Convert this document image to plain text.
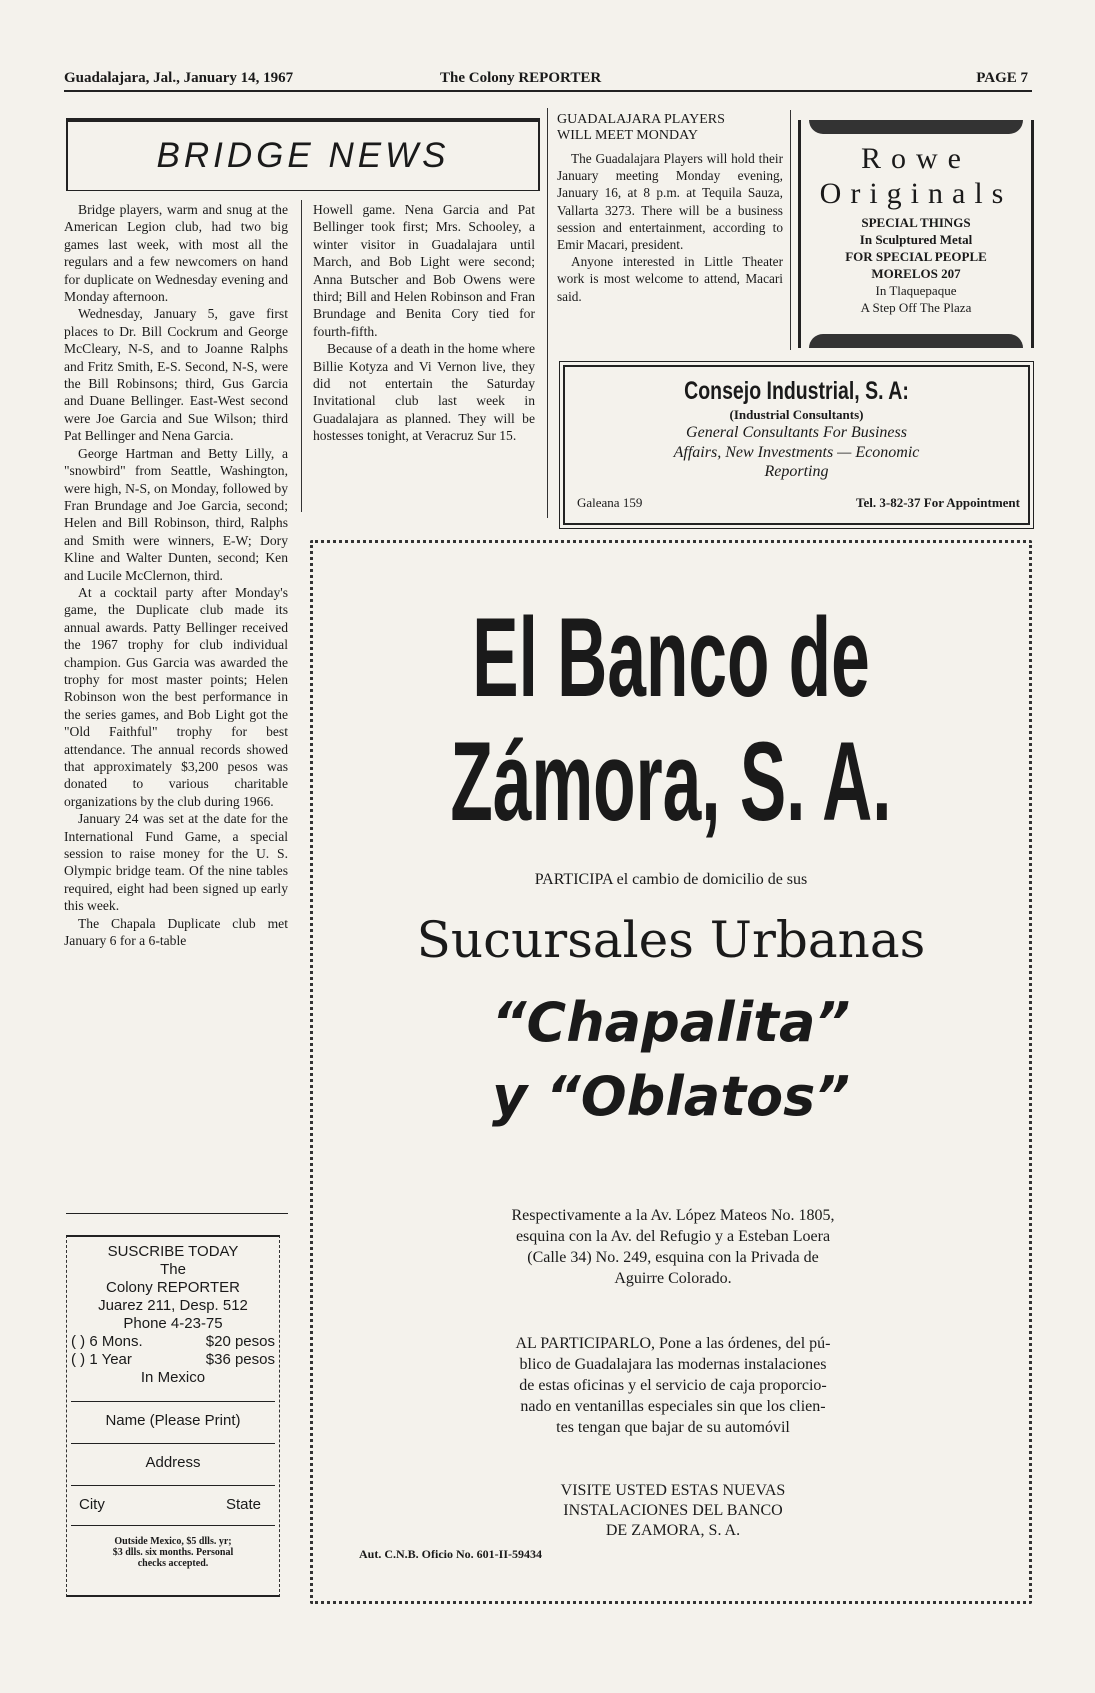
Guadalajara, Jal., January 14, 1967	The Colony REPORTER	PAGE 7
BRIDGE NEWS

Bridge players, warm and snug at the American Legion club, had two big games last week, with most all the regulars and a few newcomers on hand for duplicate on Wednesday evening and Monday afternoon.

Wednesday, January 5, gave first places to Dr. Bill Cockrum and George McCleary, N-S, and to Joanne Ralphs and Fritz Smith, E-S. Second, N-S, were the Bill Robinsons; third, Gus Garcia and Duane Bellinger. East-West second were Joe Garcia and Sue Wilson; third Pat Bellinger and Nena Garcia.

George Hartman and Betty Lilly, a "snowbird" from Seattle, Washington, were high, N-S, on Monday, followed by Fran Brundage and Joe Garcia, second; Helen and Bill Robinson, third, Ralphs and Smith were winners, E-W; Dory Kline and Walter Dunten, second; Ken and Lucile McClernon, third.

At a cocktail party after Monday's game, the Duplicate club made its annual awards. Patty Bellinger received the 1967 trophy for club individual champion. Gus Garcia was awarded the trophy for most master points; Helen Robinson won the best performance in the series games, and Bob Light got the "Old Faithful" trophy for best attendance. The annual records showed that approximately $3,200 pesos was donated to various charitable organizations by the club during 1966.

January 24 was set at the date for the International Fund Game, a special session to raise money for the U. S. Olympic bridge team. Of the nine tables required, eight had been signed up early this week.

The Chapala Duplicate club met January 6 for a 6-table

Howell game. Nena Garcia and Pat Bellinger took first; Mrs. Schooley, a winter visitor in Guadalajara until March, and Bob Light were second; Anna Butscher and Bob Owens were third; Bill and Helen Robinson and Fran Brundage and Benita Cory tied for fourth-fifth.

Because of a death in the home where Billie Kotyza and Vi Vernon live, they did not entertain the Saturday Invitational club last week in Guadalajara as planned. They will be hostesses tonight, at Veracruz Sur 15.

GUADALAJARA PLAYERS
WILL MEET MONDAY

The Guadalajara Players will hold their January meeting Monday evening, January 16, at 8 p.m. at Tequila Sauza, Vallarta 3273. There will be a business session and entertainment, according to Emir Macari, president.

Anyone interested in Little Theater work is most welcome to attend, Macari said.

Rowe
Originals
SPECIAL THINGS
In Sculptured Metal
FOR SPECIAL PEOPLE
MORELOS 207
In Tlaquepaque
A Step Off The Plaza
Consejo Industrial, S. A:
(Industrial Consultants)
General Consultants For Business
Affairs, New Investments — Economic
Reporting
Galeana 159	Tel. 3-82-37 For Appointment
El Banco de
Zámora, S. A.
PARTICIPA el cambio de domicilio de sus
Sucursales Urbanas
“Chapalita”
y “Oblatos”
Respectivamente a la Av. López Mateos No. 1805,
esquina con la Av. del Refugio y a Esteban Loera
(Calle 34) No. 249, esquina con la Privada de
Aguirre Colorado.
AL PARTICIPARLO, Pone a las órdenes, del pú-
blico de Guadalajara las modernas instalaciones
de estas oficinas y el servicio de caja proporcio-
nado en ventanillas especiales sin que los clien-
tes tengan que bajar de su automóvil
VISITE USTED ESTAS NUEVAS
INSTALACIONES DEL BANCO
DE ZAMORA, S. A.
Aut. C.N.B. Oficio No. 601-II-59434
SUSCRIBE TODAY
The
Colony REPORTER
Juarez 211, Desp. 512
Phone 4-23-75
( ) 6 Mons.	$20 pesos
( ) 1 Year	$36 pesos
In Mexico
Name (Please Print)
Address
City	State
Outside Mexico, $5 dlls. yr;
$3 dlls. six months. Personal
checks accepted.
